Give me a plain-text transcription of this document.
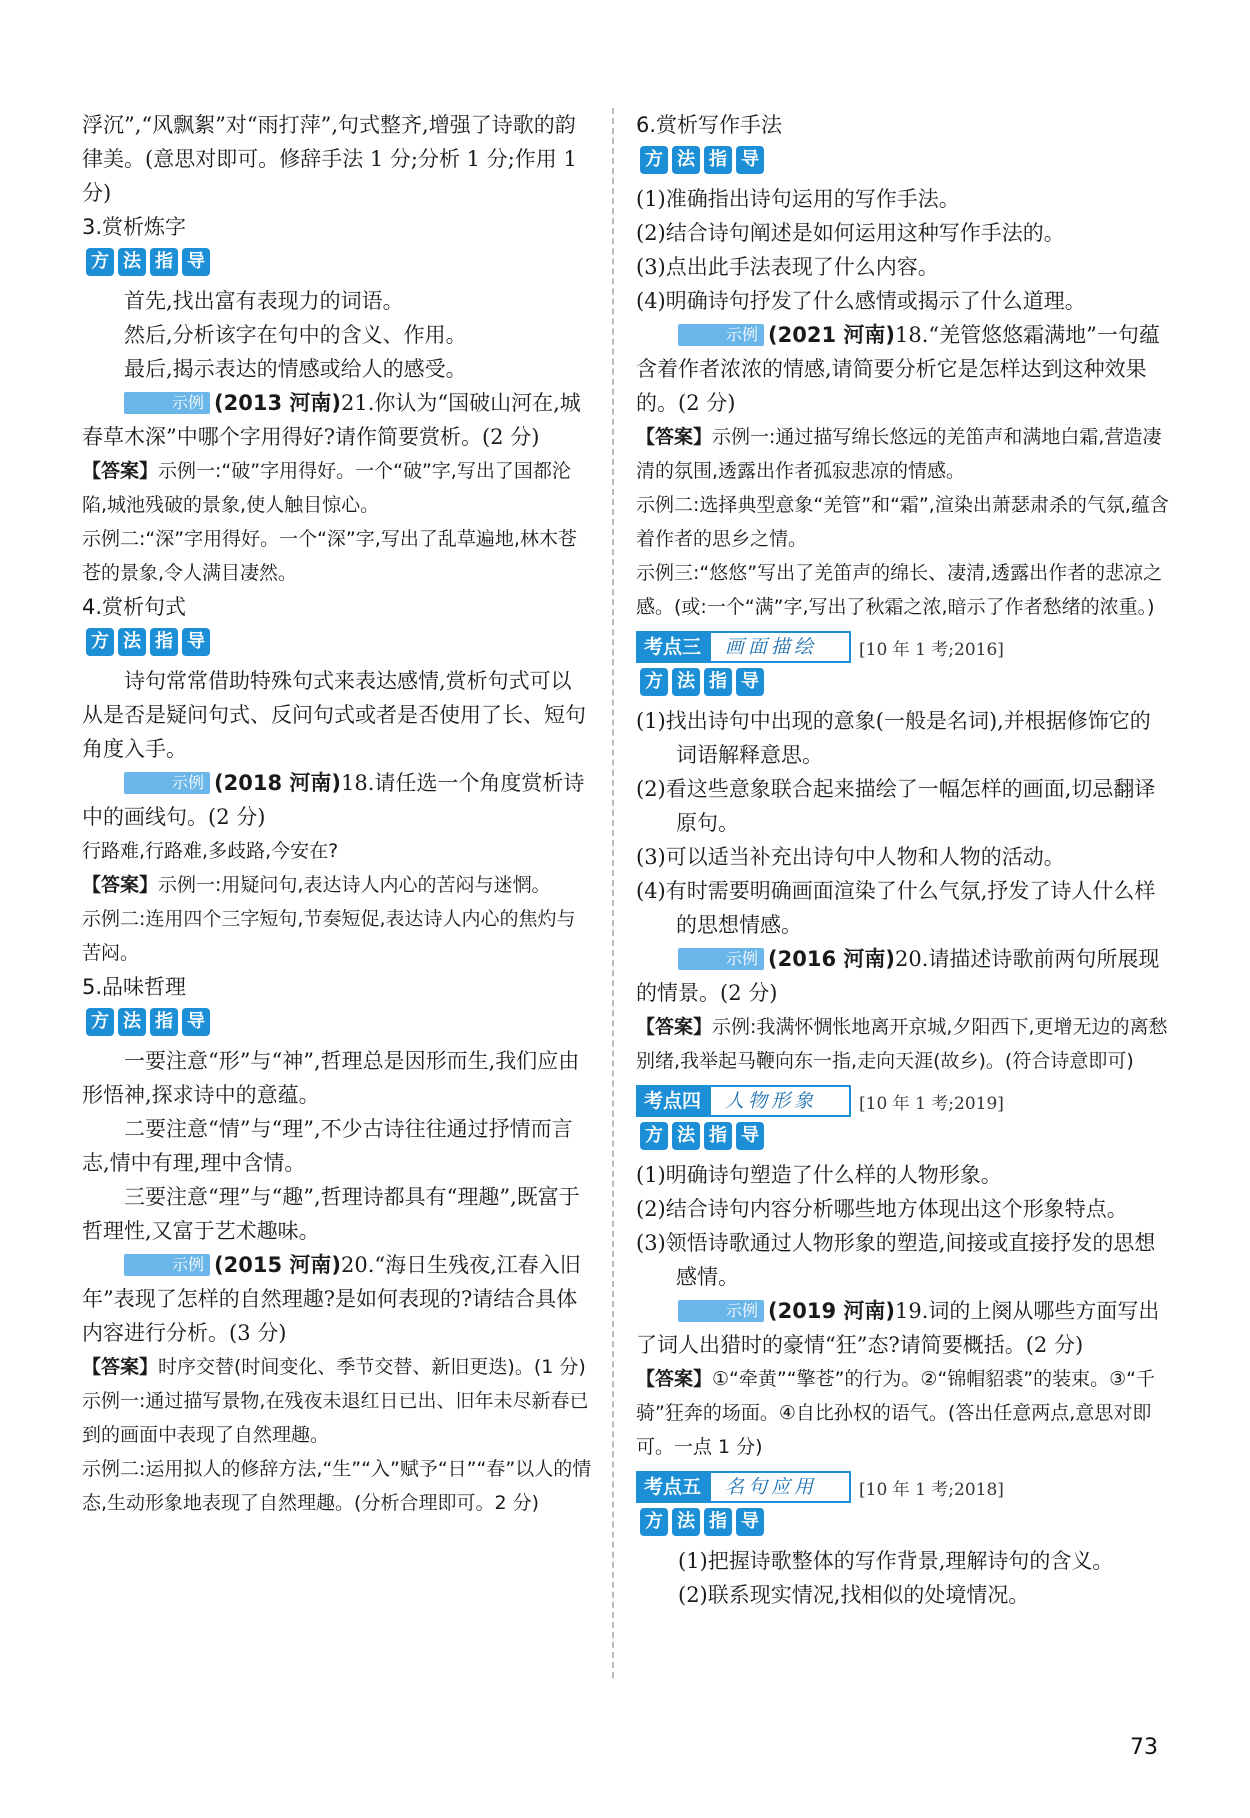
浮沉”,“风飘絮”对“雨打萍”,句式整齐,增强了诗歌的韵律美。(意思对即可。修辞手法 1 分;分析 1 分;作用 1 分)

3.赏析炼字

方 法 指 导

首先,找出富有表现力的词语。

然后,分析该字在句中的含义、作用。

最后,揭示表达的情感或给人的感受。

示例 (2013 河南)21.你认为“国破山河在,城春草木深”中哪个字用得好?请作简要赏析。(2 分)

【答案】示例一:“破”字用得好。一个“破”字,写出了国都沦陷,城池残破的景象,使人触目惊心。

示例二:“深”字用得好。一个“深”字,写出了乱草遍地,林木苍苍的景象,令人满目凄然。

4.赏析句式

方 法 指 导

诗句常常借助特殊句式来表达感情,赏析句式可以从是否是疑问句式、反问句式或者是否使用了长、短句角度入手。

示例 (2018 河南)18.请任选一个角度赏析诗中的画线句。(2 分)

行路难,行路难,多歧路,今安在?

【答案】示例一:用疑问句,表达诗人内心的苦闷与迷惘。

示例二:连用四个三字短句,节奏短促,表达诗人内心的焦灼与苦闷。

5.品味哲理

方 法 指 导

一要注意“形”与“神”,哲理总是因形而生,我们应由形悟神,探求诗中的意蕴。

二要注意“情”与“理”,不少古诗往往通过抒情而言志,情中有理,理中含情。

三要注意“理”与“趣”,哲理诗都具有“理趣”,既富于哲理性,又富于艺术趣味。

示例 (2015 河南)20.“海日生残夜,江春入旧年”表现了怎样的自然理趣?是如何表现的?请结合具体内容进行分析。(3 分)

【答案】时序交替(时间变化、季节交替、新旧更迭)。(1 分)

示例一:通过描写景物,在残夜未退红日已出、旧年未尽新春已到的画面中表现了自然理趣。

示例二:运用拟人的修辞方法,“生”“入”赋予“日”“春”以人的情态,生动形象地表现了自然理趣。(分析合理即可。2 分)

6.赏析写作手法

方 法 指 导

(1)准确指出诗句运用的写作手法。

(2)结合诗句阐述是如何运用这种写作手法的。

(3)点出此手法表现了什么内容。

(4)明确诗句抒发了什么感情或揭示了什么道理。

示例 (2021 河南)18.“羌管悠悠霜满地”一句蕴含着作者浓浓的情感,请简要分析它是怎样达到这种效果的。(2 分)

【答案】示例一:通过描写绵长悠远的羌笛声和满地白霜,营造凄清的氛围,透露出作者孤寂悲凉的情感。

示例二:选择典型意象“羌管”和“霜”,渲染出萧瑟肃杀的气氛,蕴含着作者的思乡之情。

示例三:“悠悠”写出了羌笛声的绵长、凄清,透露出作者的悲凉之感。(或:一个“满”字,写出了秋霜之浓,暗示了作者愁绪的浓重。)

考点三	画面描绘	[10 年 1 考;2016]
方 法 指 导

(1)找出诗句中出现的意象(一般是名词),并根据修饰它的词语解释意思。

(2)看这些意象联合起来描绘了一幅怎样的画面,切忌翻译原句。

(3)可以适当补充出诗句中人物和人物的活动。

(4)有时需要明确画面渲染了什么气氛,抒发了诗人什么样的思想情感。

示例 (2016 河南)20.请描述诗歌前两句所展现的情景。(2 分)

【答案】示例:我满怀惆怅地离开京城,夕阳西下,更增无边的离愁别绪,我举起马鞭向东一指,走向天涯(故乡)。(符合诗意即可)

考点四	人物形象	[10 年 1 考;2019]
方 法 指 导

(1)明确诗句塑造了什么样的人物形象。

(2)结合诗句内容分析哪些地方体现出这个形象特点。

(3)领悟诗歌通过人物形象的塑造,间接或直接抒发的思想感情。

示例 (2019 河南)19.词的上阕从哪些方面写出了词人出猎时的豪情“狂”态?请简要概括。(2 分)

【答案】①“牵黄”“擎苍”的行为。②“锦帽貂裘”的装束。③“千骑”狂奔的场面。④自比孙权的语气。(答出任意两点,意思对即可。一点 1 分)

考点五	名句应用	[10 年 1 考;2018]
方 法 指 导

(1)把握诗歌整体的写作背景,理解诗句的含义。

(2)联系现实情况,找相似的处境情况。

73
